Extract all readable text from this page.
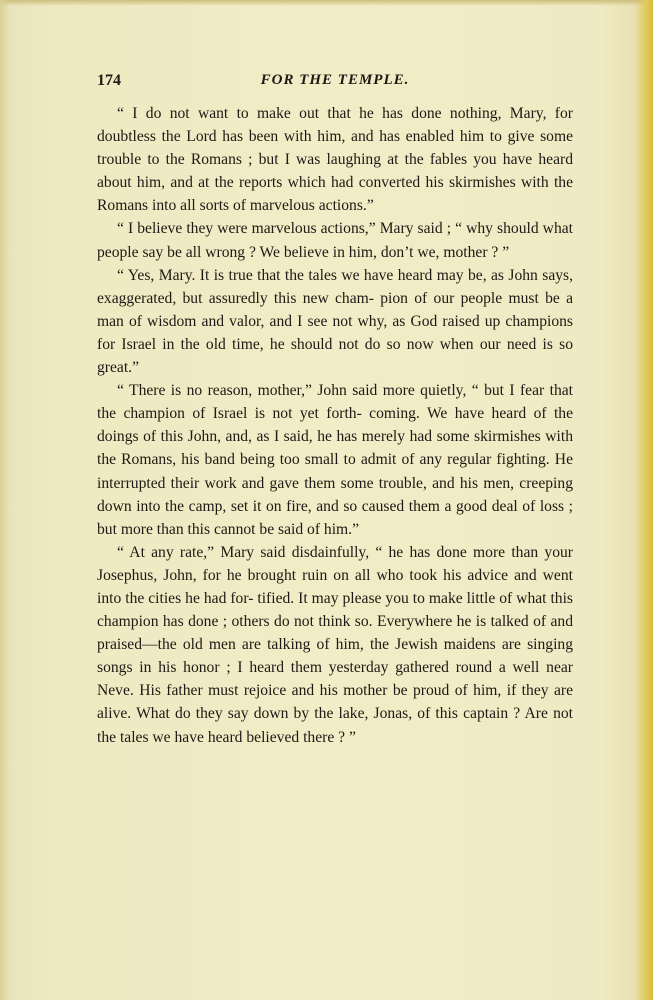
174	FOR THE TEMPLE.

“ I do not want to make out that he has done nothing, Mary, for doubtless the Lord has been with him, and has enabled him to give some trouble to the Romans ; but I was laughing at the fables you have heard about him, and at the reports which had converted his skirmishes with the Romans into all sorts of marvelous actions.”

“ I believe they were marvelous actions,” Mary said ; “ why should what people say be all wrong ? We believe in him, don’t we, mother ? ”

“ Yes, Mary. It is true that the tales we have heard may be, as John says, exaggerated, but assuredly this new cham- pion of our people must be a man of wisdom and valor, and I see not why, as God raised up champions for Israel in the old time, he should not do so now when our need is so great.”

“ There is no reason, mother,” John said more quietly, “ but I fear that the champion of Israel is not yet forth- coming. We have heard of the doings of this John, and, as I said, he has merely had some skirmishes with the Romans, his band being too small to admit of any regular fighting. He interrupted their work and gave them some trouble, and his men, creeping down into the camp, set it on fire, and so caused them a good deal of loss ; but more than this cannot be said of him.”

“ At any rate,” Mary said disdainfully, “ he has done more than your Josephus, John, for he brought ruin on all who took his advice and went into the cities he had for- tified. It may please you to make little of what this champion has done ; others do not think so. Everywhere he is talked of and praised—the old men are talking of him, the Jewish maidens are singing songs in his honor ; I heard them yesterday gathered round a well near Neve. His father must rejoice and his mother be proud of him, if they are alive. What do they say down by the lake, Jonas, of this captain ? Are not the tales we have heard believed there ? ”
